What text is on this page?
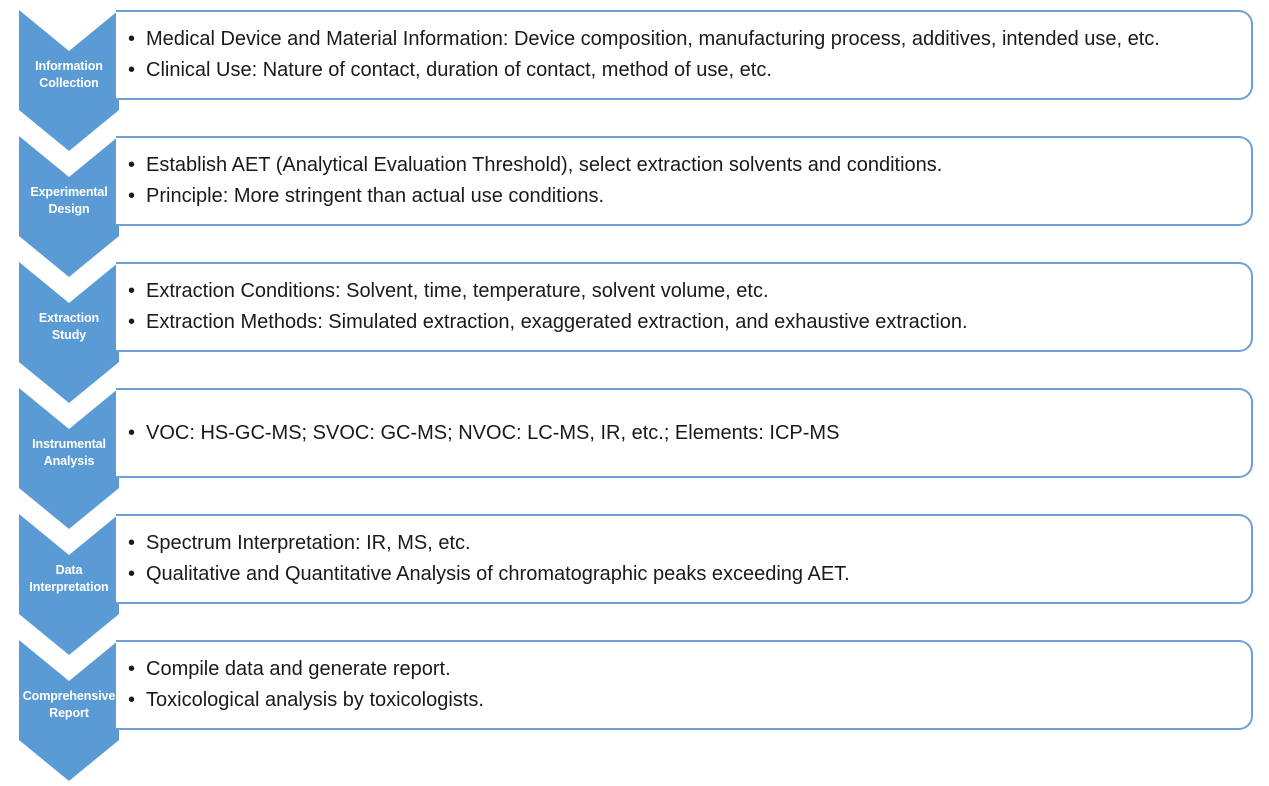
Information
Collection
• Medical Device and Material Information: Device composition, manufacturing process, additives, intended use, etc.
• Clinical Use: Nature of contact, duration of contact, method of use, etc.
Experimental
Design
• Establish AET (Analytical Evaluation Threshold), select extraction solvents and conditions.
• Principle: More stringent than actual use conditions.
Extraction
Study
• Extraction Conditions: Solvent, time, temperature, solvent volume, etc.
• Extraction Methods: Simulated extraction, exaggerated extraction, and exhaustive extraction.
Instrumental
Analysis
• VOC: HS-GC-MS; SVOC: GC-MS; NVOC: LC-MS, IR, etc.; Elements: ICP-MS
Data
Interpretation
• Spectrum Interpretation: IR, MS, etc.
• Qualitative and Quantitative Analysis of chromatographic peaks exceeding AET.
Comprehensive
Report
• Compile data and generate report.
• Toxicological analysis by toxicologists.
